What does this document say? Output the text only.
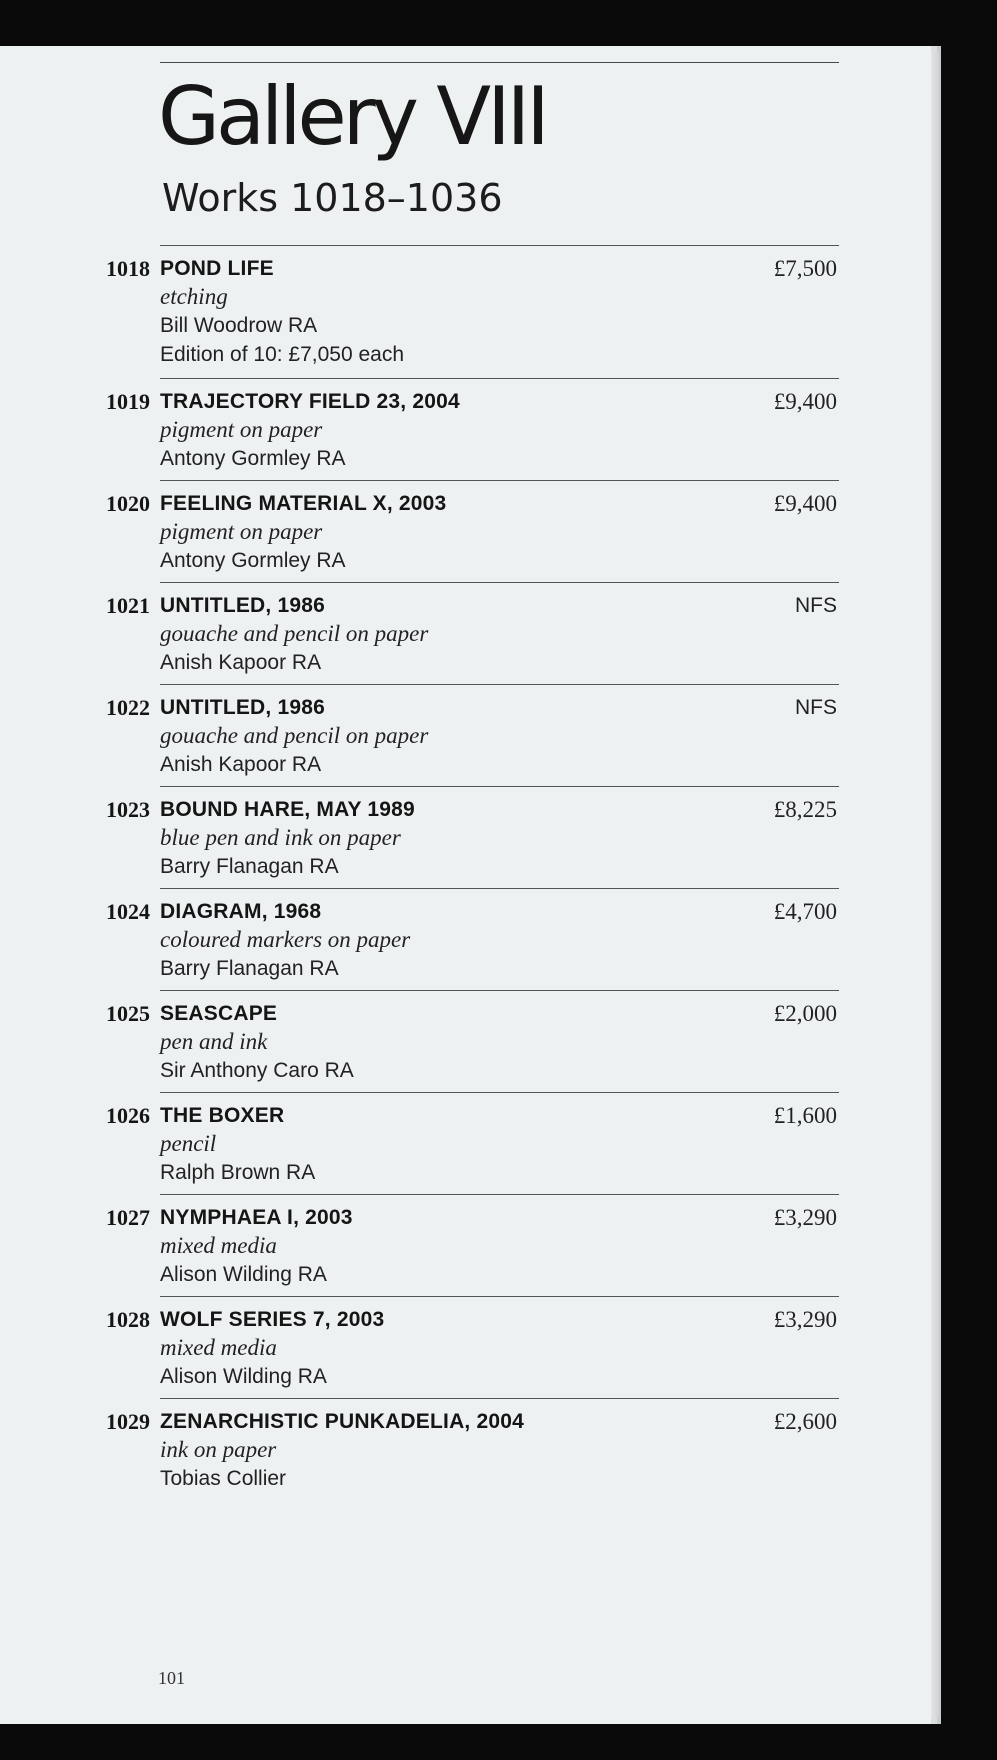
Gallery VIII
Works 1018–1036
1018 POND LIFE
etching
Bill Woodrow RA
Edition of 10: £7,050 each
£7,500
1019 TRAJECTORY FIELD 23, 2004
pigment on paper
Antony Gormley RA
£9,400
1020 FEELING MATERIAL X, 2003
pigment on paper
Antony Gormley RA
£9,400
1021 UNTITLED, 1986
gouache and pencil on paper
Anish Kapoor RA
NFS
1022 UNTITLED, 1986
gouache and pencil on paper
Anish Kapoor RA
NFS
1023 BOUND HARE, MAY 1989
blue pen and ink on paper
Barry Flanagan RA
£8,225
1024 DIAGRAM, 1968
coloured markers on paper
Barry Flanagan RA
£4,700
1025 SEASCAPE
pen and ink
Sir Anthony Caro RA
£2,000
1026 THE BOXER
pencil
Ralph Brown RA
£1,600
1027 NYMPHAEA I, 2003
mixed media
Alison Wilding RA
£3,290
1028 WOLF SERIES 7, 2003
mixed media
Alison Wilding RA
£3,290
1029 ZENARCHISTIC PUNKADELIA, 2004
ink on paper
Tobias Collier
£2,600
101
